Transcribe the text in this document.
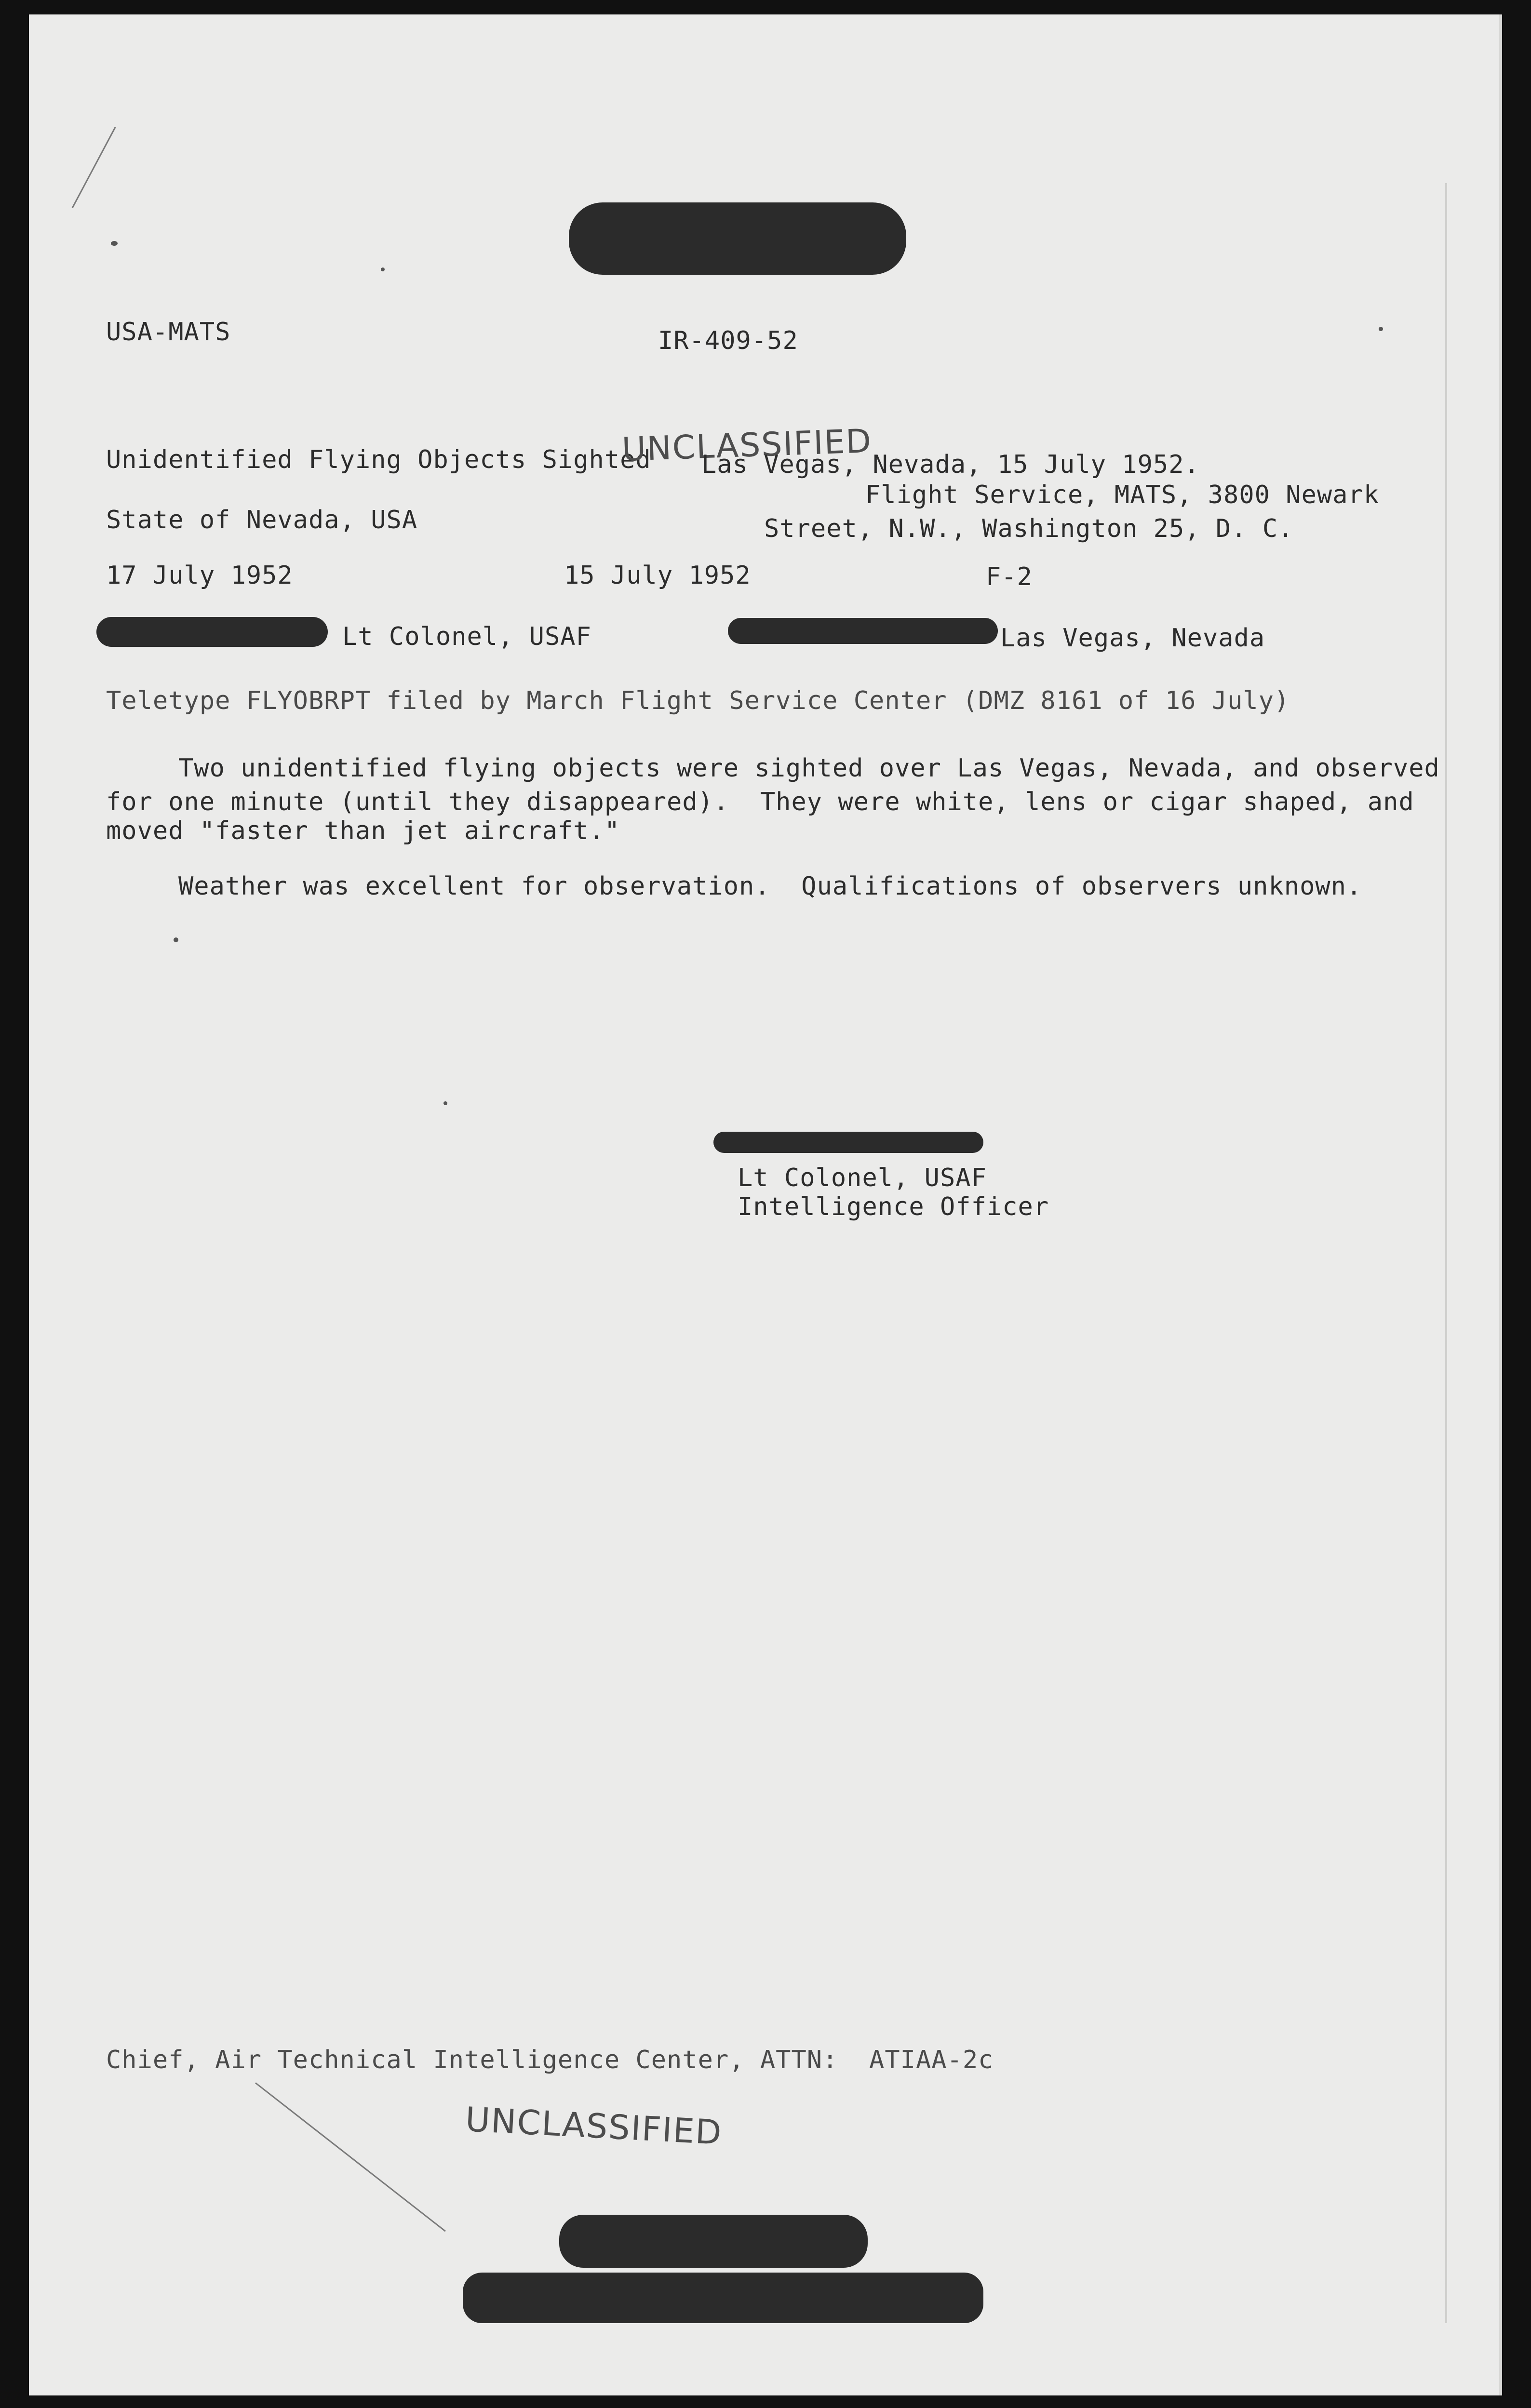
USA-MATS	IR-409-52
Unidentified Flying Objects Sighted
UNCLASSIFIED
Las Vegas, Nevada, 15 July 1952.
Flight Service, MATS, 3800 Newark
State of Nevada, USA	Street, N.W., Washington 25, D. C.
17 July 1952	15 July 1952	F-2
Lt Colonel, USAF	Las Vegas, Nevada
Teletype FLYOBRPT filed by March Flight Service Center (DMZ 8161 of 16 July)
Two unidentified flying objects were sighted over Las Vegas, Nevada, and observed
for one minute (until they disappeared).  They were white, lens or cigar shaped, and
moved "faster than jet aircraft."
Weather was excellent for observation.  Qualifications of observers unknown.
Lt Colonel, USAF
Intelligence Officer
Chief, Air Technical Intelligence Center, ATTN:  ATIAA-2c
UNCLASSIFIED
